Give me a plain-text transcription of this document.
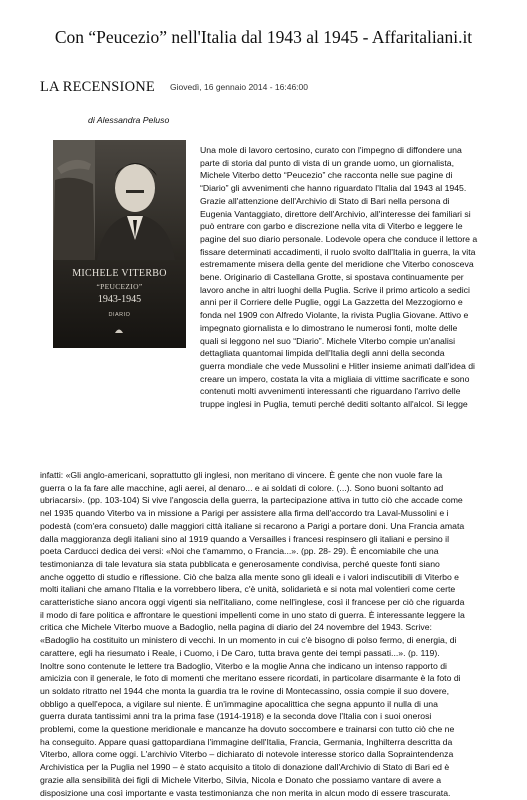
Con “Peucezio” nell'Italia dal 1943 al 1945 - Affaritaliani.it
LA RECENSIONE Giovedì, 16 gennaio 2014 - 16:46:00
di Alessandra Peluso
MICHELE VITERBO
“PEUCEZIO”
1943-1945
DIARIO
Una mole di lavoro certosino, curato con l'impegno di diffondere una
parte di storia dal punto di vista di un grande uomo, un giornalista,
Michele Viterbo detto “Peucezio” che racconta nelle sue pagine di
“Diario” gli avvenimenti che hanno riguardato l'Italia dal 1943 al 1945.
Grazie all'attenzione dell'Archivio di Stato di Bari nella persona di
Eugenia Vantaggiato, direttore dell'Archivio, all'interesse dei familiari si
può entrare con garbo e discrezione nella vita di Viterbo e leggere le
pagine del suo diario personale. Lodevole opera che conduce il lettore a
fissare determinati accadimenti, il ruolo svolto dall'Italia in guerra, la vita
estremamente misera della gente del meridione che Viterbo conosceva
bene. Originario di Castellana Grotte, si spostava continuamente per
lavoro anche in altri luoghi della Puglia. Scrive il primo articolo a sedici
anni per il Corriere delle Puglie, oggi La Gazzetta del Mezzogiorno e
fonda nel 1909 con Alfredo Violante, la rivista Puglia Giovane. Attivo e
impegnato giornalista e lo dimostrano le numerosi fonti, molte delle
quali si leggono nel suo “Diario”. Michele Viterbo compie un'analisi
dettagliata quantomai limpida dell'Italia degli anni della seconda
guerra mondiale che vede Mussolini e Hitler insieme animati dall'idea di
creare un impero, costata la vita a migliaia di vittime sacrificate e sono
contenuti molti avvenimenti interessanti che riguardano l'arrivo delle
truppe inglesi in Puglia, temuti perché dediti soltanto all'alcol. Si legge
infatti: «Gli anglo-americani, soprattutto gli inglesi, non meritano di vincere. È gente che non vuole fare la
guerra o la fa fare alle macchine, agli aerei, al denaro... e ai soldati di colore. (...). Sono buoni soltanto ad
ubriacarsi». (pp. 103-104) Si vive l'angoscia della guerra, la partecipazione attiva in tutto ciò che accade come
nel 1935 quando Viterbo va in missione a Parigi per assistere alla firma dell'accordo tra Laval-Mussolini e i
podestà (com'era consueto) dalle maggiori città italiane si recarono a Parigi a portare doni. Una Francia amata
dalla maggioranza degli italiani sino al 1919 quando a Versailles i francesi respinsero gli italiani e persino il
poeta Carducci dedica dei versi: «Noi che t'amammo, o Francia...». (pp. 28- 29). È encomiabile che una
testimonianza di tale levatura sia stata pubblicata e generosamente condivisa, perché queste fonti siano
anche oggetto di studio e riflessione. Ciò che balza alla mente sono gli ideali e i valori indiscutibili di Viterbo e
molti italiani che amano l'Italia e la vorrebbero libera, c'è unità, solidarietà e si nota mal volentieri come certe
caratteristiche siano ancora oggi vigenti sia nell'italiano, come nell'inglese, così il francese per ciò che riguarda
il modo di fare politica e affrontare le questioni impellenti come in uno stato di guerra. È interessante leggere la
critica che Michele Viterbo muove a Badoglio, nella pagina di diario del 24 novembre del 1943. Scrive:
«Badoglio ha costituito un ministero di vecchi. In un momento in cui c'è bisogno di polso fermo, di energia, di
carattere, egli ha riesumato i Reale, i Cuomo, i De Caro, tutta brava gente dei tempi passati...». (p. 119).
Inoltre sono contenute le lettere tra Badoglio, Viterbo e la moglie Anna che indicano un intenso rapporto di
amicizia con il generale, le foto di momenti che meritano essere ricordati, in particolare disarmante è la foto di
un soldato ritratto nel 1944 che monta la guardia tra le rovine di Montecassino, ossia compie il suo dovere,
obbligo a quell'epoca, a vigilare sul niente. È un'immagine apocalittica che segna appunto il nulla di una
guerra durata tantissimi anni tra la prima fase (1914-1918) e la seconda dove l'Italia con i suoi onerosi
problemi, come la questione meridionale e mancanze ha dovuto soccombere e trainarsi con tutto ciò che ne
ha conseguito. Appare quasi gattopardiana l'immagine dell'Italia, Francia, Germania, Inghilterra descritta da
Viterbo, allora come oggi. L'archivio Viterbo – dichiarato di notevole interesse storico dalla Sopraintendenza
Archivistica per la Puglia nel 1990 – è stato acquisito a titolo di donazione dall'Archivio di Stato di Bari ed è
grazie alla sensibilità dei figli di Michele Viterbo, Silvia, Nicola e Donato che possiamo vantare di avere a
disposizione una così importante e vasta testimonianza che non merita in alcun modo di essere trascurata.
